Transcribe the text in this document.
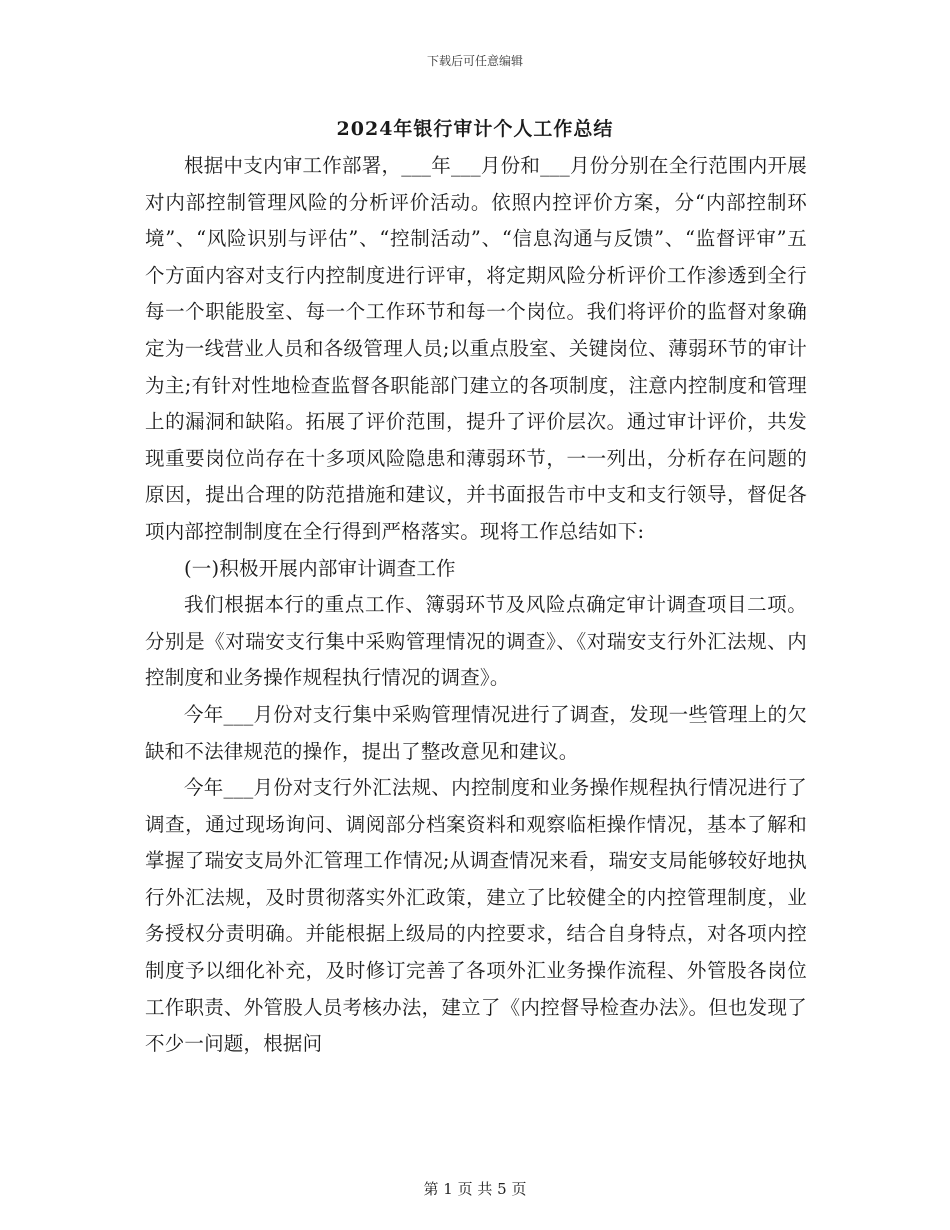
下载后可任意编辑
2024年银行审计个人工作总结

根据中支内审工作部署，___年___月份和___月份分别在全行范围内开展对内部控制管理风险的分析评价活动。依照内控评价方案，分“内部控制环境”、“风险识别与评估”、“控制活动”、“信息沟通与反馈”、“监督评审”五个方面内容对支行内控制度进行评审，将定期风险分析评价工作渗透到全行每一个职能股室、每一个工作环节和每一个岗位。我们将评价的监督对象确定为一线营业人员和各级管理人员;以重点股室、关键岗位、薄弱环节的审计为主;有针对性地检查监督各职能部门建立的各项制度，注意内控制度和管理上的漏洞和缺陷。拓展了评价范围，提升了评价层次。通过审计评价，共发现重要岗位尚存在十多项风险隐患和薄弱环节，一一列出，分析存在问题的原因，提出合理的防范措施和建议，并书面报告市中支和支行领导，督促各项内部控制制度在全行得到严格落实。现将工作总结如下:

(一)积极开展内部审计调查工作

我们根据本行的重点工作、簿弱环节及风险点确定审计调查项目二项。分别是《对瑞安支行集中采购管理情况的调查》、《对瑞安支行外汇法规、内控制度和业务操作规程执行情况的调查》。

今年___月份对支行集中采购管理情况进行了调查，发现一些管理上的欠缺和不法律规范的操作，提出了整改意见和建议。

今年___月份对支行外汇法规、内控制度和业务操作规程执行情况进行了调查，通过现场询问、调阅部分档案资料和观察临柜操作情况，基本了解和掌握了瑞安支局外汇管理工作情况;从调查情况来看，瑞安支局能够较好地执行外汇法规，及时贯彻落实外汇政策，建立了比较健全的内控管理制度，业务授权分责明确。并能根据上级局的内控要求，结合自身特点，对各项内控制度予以细化补充，及时修订完善了各项外汇业务操作流程、外管股各岗位工作职责、外管股人员考核办法，建立了《内控督导检查办法》。但也发现了不少一问题，根据问

第 1 页 共 5 页
